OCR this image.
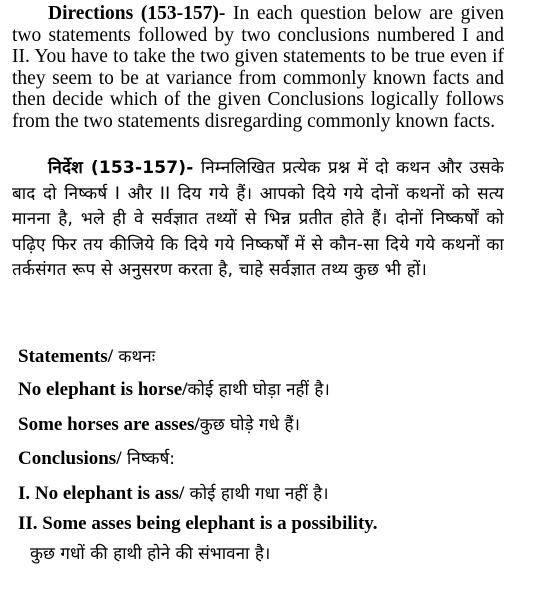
Directions (153-157)- In each question below are given two statements followed by two conclusions numbered I and II. You have to take the two given statements to be true even if they seem to be at variance from commonly known facts and then decide which of the given Conclusions logically follows from the two statements disregarding commonly known facts.
निर्देश (153-157)- निम्नलिखित प्रत्येक प्रश्न में दो कथन और उसके बाद दो निष्कर्ष I और II दिय गये हैं। आपको दिये गये दोनों कथनों को सत्य मानना है, भले ही वे सर्वज्ञात तथ्यों से भिन्न प्रतीत होते हैं। दोनों निष्कर्षों को पढ़िए फिर तय कीजिये कि दिये गये निष्कर्षों में से कौन-सा दिये गये कथनों का तर्कसंगत रूप से अनुसरण करता है, चाहे सर्वज्ञात तथ्य कुछ भी हों।
Statements/ कथनः
No elephant is horse/कोई हाथी घोड़ा नहीं है।
Some horses are asses/कुछ घोड़े गधे हैं।
Conclusions/ निष्कर्ष:
I. No elephant is ass/ कोई हाथी गधा नहीं है।
II. Some asses being elephant is a possibility.
कुछ गधों की हाथी होने की संभावना है।
